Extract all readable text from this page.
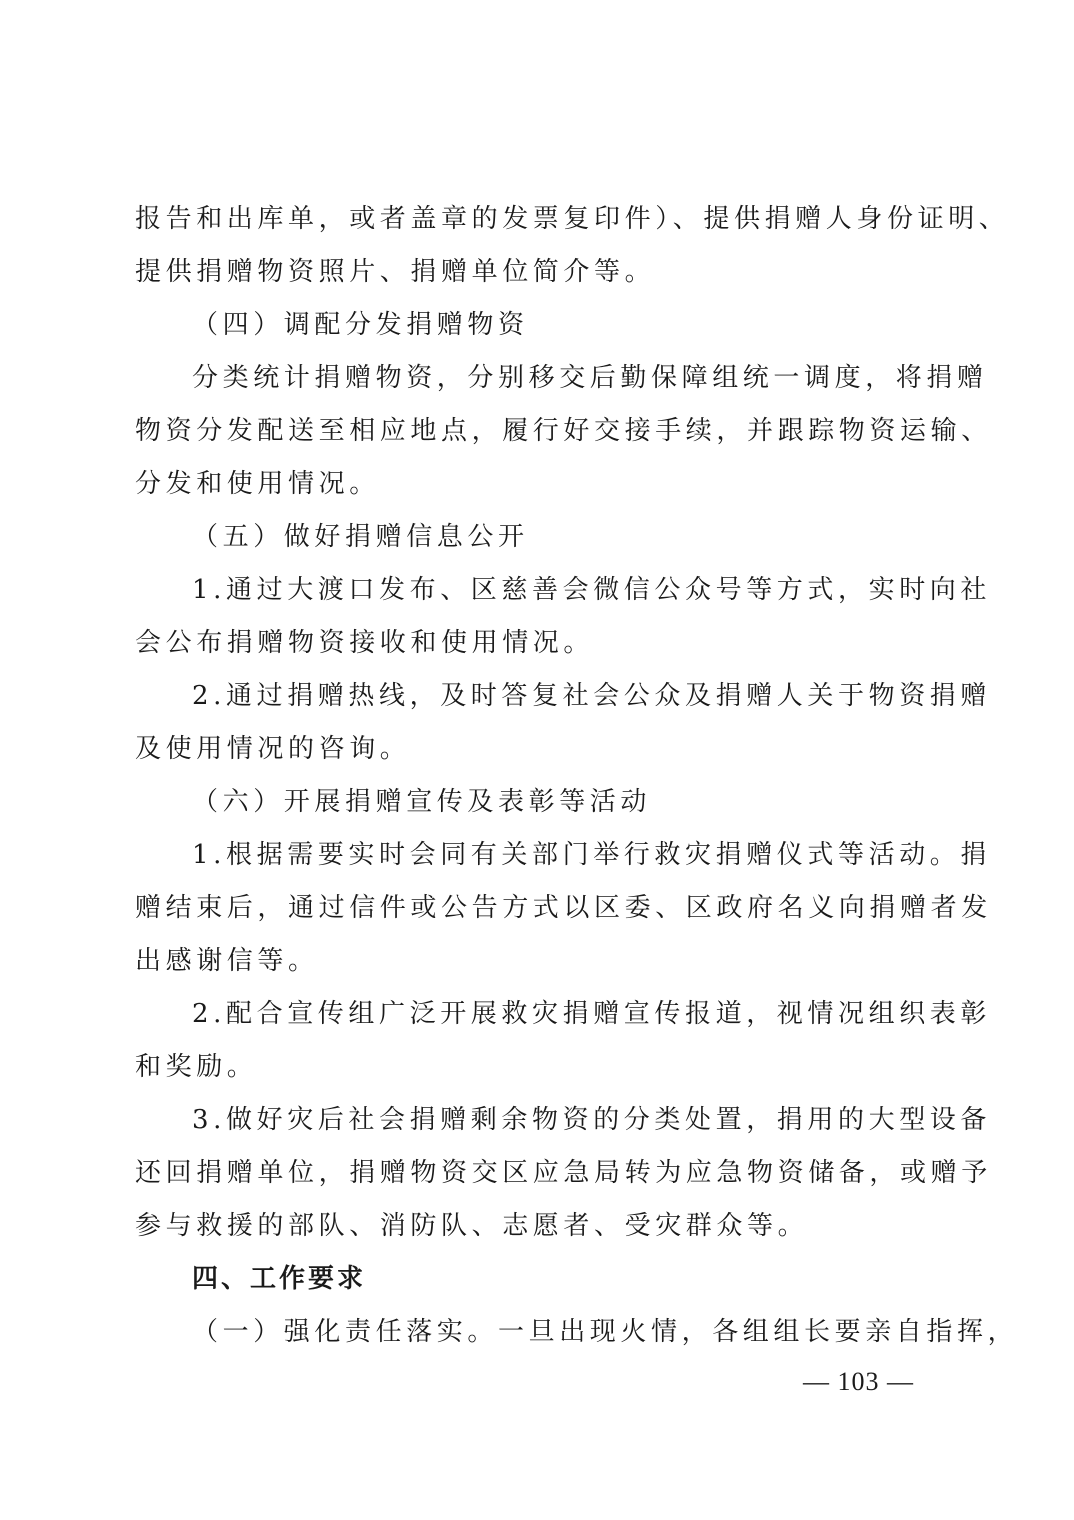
报告和出库单，或者盖章的发票复印件）、提供捐赠人身份证明、
提供捐赠物资照片、捐赠单位简介等。
（四）调配分发捐赠物资
分类统计捐赠物资，分别移交后勤保障组统一调度，将捐赠
物资分发配送至相应地点，履行好交接手续，并跟踪物资运输、
分发和使用情况。
（五）做好捐赠信息公开
1.通过大渡口发布、区慈善会微信公众号等方式，实时向社
会公布捐赠物资接收和使用情况。
2.通过捐赠热线，及时答复社会公众及捐赠人关于物资捐赠
及使用情况的咨询。
（六）开展捐赠宣传及表彰等活动
1.根据需要实时会同有关部门举行救灾捐赠仪式等活动。捐
赠结束后，通过信件或公告方式以区委、区政府名义向捐赠者发
出感谢信等。
2.配合宣传组广泛开展救灾捐赠宣传报道，视情况组织表彰
和奖励。
3.做好灾后社会捐赠剩余物资的分类处置，捐用的大型设备
还回捐赠单位，捐赠物资交区应急局转为应急物资储备，或赠予
参与救援的部队、消防队、志愿者、受灾群众等。
四、工作要求
（一）强化责任落实。一旦出现火情，各组组长要亲自指挥，
— 103 —
